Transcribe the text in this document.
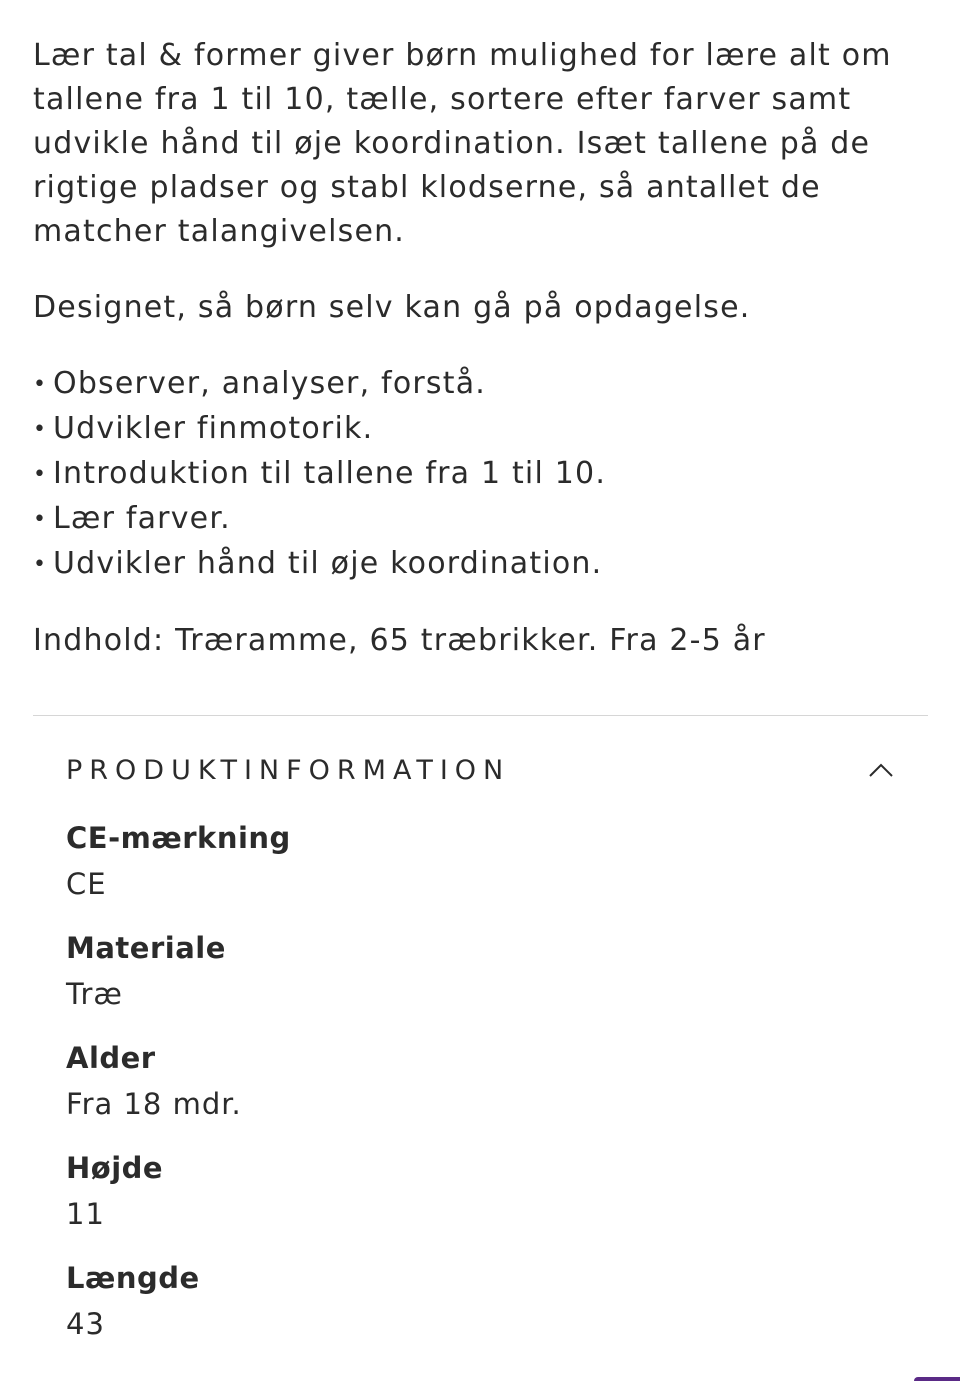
Lær tal & former giver børn mulighed for lære alt om tallene fra 1 til 10, tælle, sortere efter farver samt udvikle hånd til øje koordination. Isæt tallene på de rigtige pladser og stabl klodserne, så antallet de matcher talangivelsen.

Designet, så børn selv kan gå på opdagelse.

• Observer, analyser, forstå.
• Udvikler finmotorik.
• Introduktion til tallene fra 1 til 10.
• Lær farver.
• Udvikler hånd til øje koordination.

Indhold: Træramme, 65 træbrikker. Fra 2-5 år

PRODUKTINFORMATION
CE-mærkning
CE
Materiale
Træ
Alder
Fra 18 mdr.
Højde
11
Længde
43
